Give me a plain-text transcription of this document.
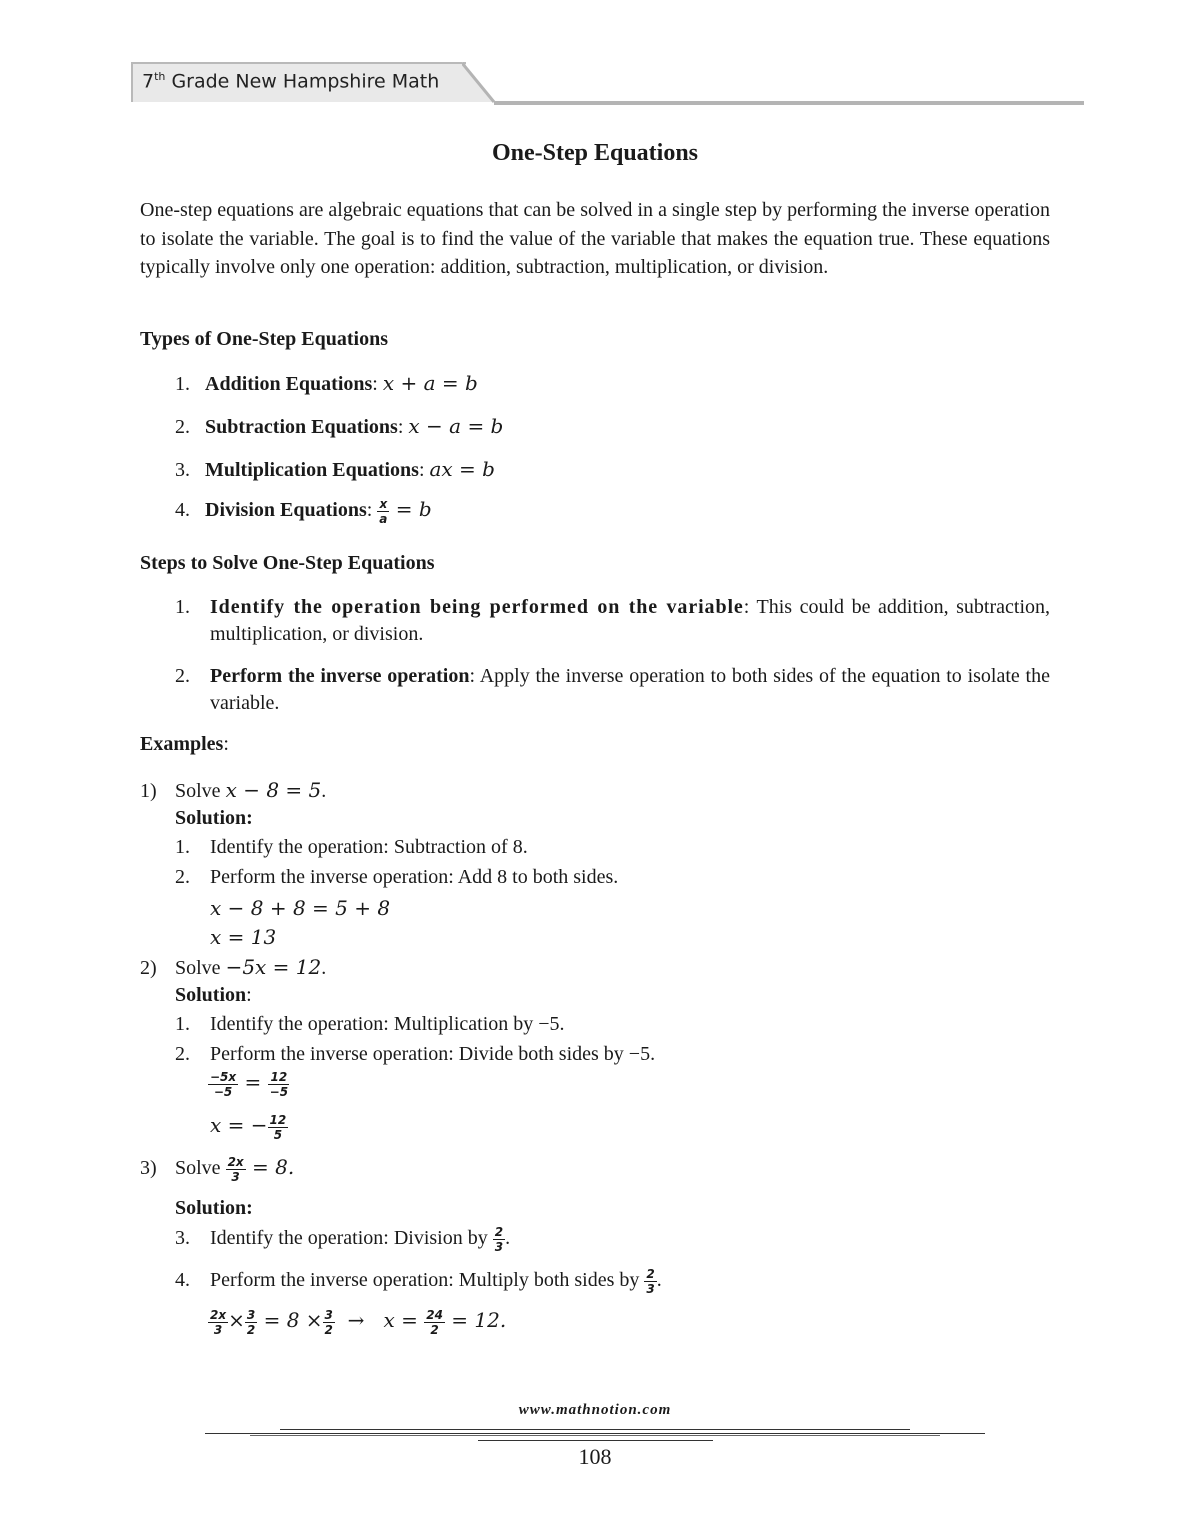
7th Grade New Hampshire Math
One-Step Equations
One-step equations are algebraic equations that can be solved in a single step by performing the inverse operation to isolate the variable. The goal is to find the value of the variable that makes the equation true. These equations typically involve only one operation: addition, subtraction, multiplication, or division.
Types of One-Step Equations
1. Addition Equations: x + a = b
2. Subtraction Equations: x − a = b
3. Multiplication Equations: ax = b
4. Division Equations: $\frac{x}{a} = b$
Steps to Solve One-Step Equations
1. Identify the operation being performed on the variable: This could be addition, subtraction, multiplication, or division.
2. Perform the inverse operation: Apply the inverse operation to both sides of the equation to isolate the variable.
Examples:
1) Solve x − 8 = 5.
Solution:
1. Identify the operation: Subtraction of 8.
2. Perform the inverse operation: Add 8 to both sides.
x − 8 + 8 = 5 + 8
x = 13
2) Solve −5x = 12.
Solution:
1. Identify the operation: Multiplication by −5.
2. Perform the inverse operation: Divide both sides by −5.
$\frac{-5x}{-5} = \frac{12}{-5}$
x = − $\frac{12}{5}$
3) Solve $\frac{2x}{3} = 8$.
Solution:
3. Identify the operation: Division by $\frac{2}{3}$ .
4. Perform the inverse operation: Multiply both sides by $\frac{2}{3}$ .
$\frac{2x}{3} \times \frac{3}{2} = 8 \times \frac{3}{2} \to x = \frac{24}{2} = 12$.
www.mathnotion.com
108
